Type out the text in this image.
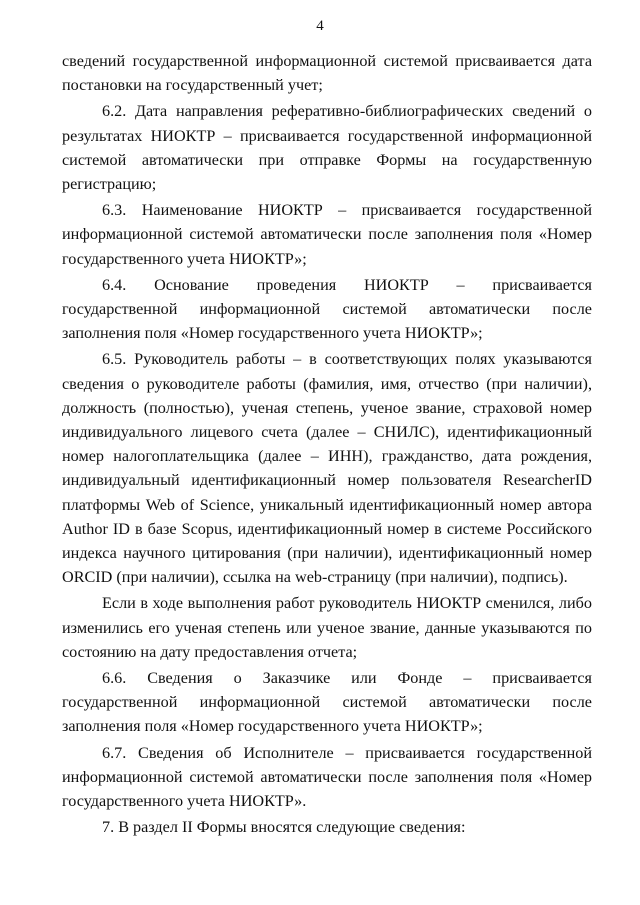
4

сведений государственной информационной системой присваивается дата постановки на государственный учет;

6.2. Дата направления реферативно-библиографических сведений о результатах НИОКТР – присваивается государственной информационной системой автоматически при отправке Формы на государственную регистрацию;

6.3. Наименование НИОКТР – присваивается государственной информационной системой автоматически после заполнения поля «Номер государственного учета НИОКТР»;

6.4. Основание проведения НИОКТР – присваивается государственной информационной системой автоматически после заполнения поля «Номер государственного учета НИОКТР»;

6.5. Руководитель работы – в соответствующих полях указываются сведения о руководителе работы (фамилия, имя, отчество (при наличии), должность (полностью), ученая степень, ученое звание, страховой номер индивидуального лицевого счета (далее – СНИЛС), идентификационный номер налогоплательщика (далее – ИНН), гражданство, дата рождения, индивидуальный идентификационный номер пользователя ResearcherID платформы Web of Science, уникальный идентификационный номер автора Author ID в базе Scopus, идентификационный номер в системе Российского индекса научного цитирования (при наличии), идентификационный номер ORCID (при наличии), ссылка на web-страницу (при наличии), подпись).

Если в ходе выполнения работ руководитель НИОКТР сменился, либо изменились его ученая степень или ученое звание, данные указываются по состоянию на дату предоставления отчета;

6.6. Сведения о Заказчике или Фонде – присваивается государственной информационной системой автоматически после заполнения поля «Номер государственного учета НИОКТР»;

6.7. Сведения об Исполнителе – присваивается государственной информационной системой автоматически после заполнения поля «Номер государственного учета НИОКТР».

7. В раздел II Формы вносятся следующие сведения:
